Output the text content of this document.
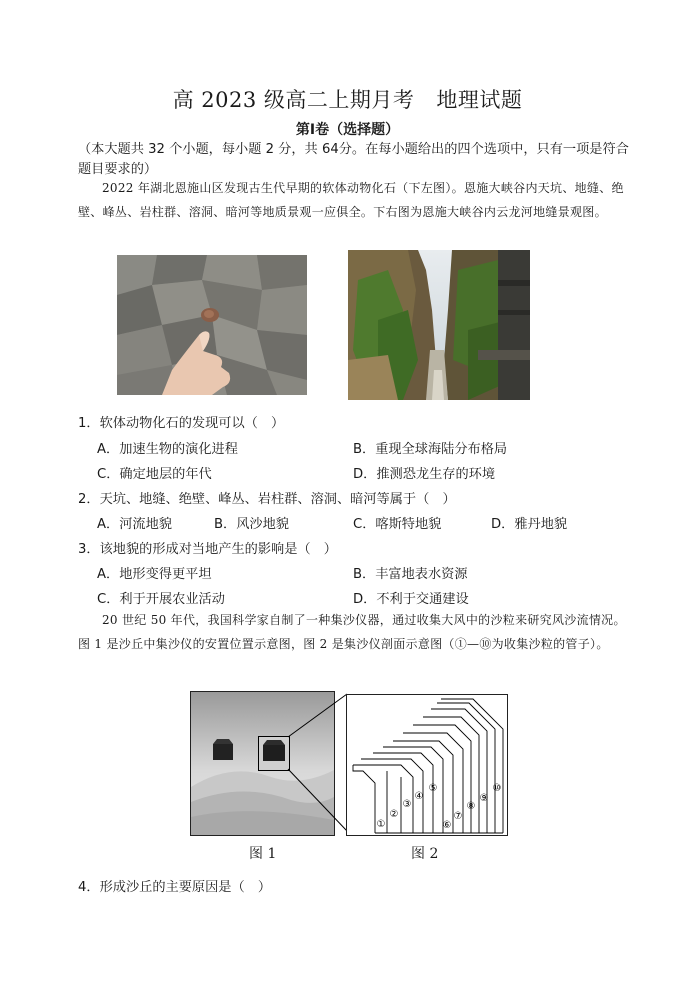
高 2023 级高二上期月考 地理试题
第Ⅰ卷（选择题）
（本大题共 32 个小题，每小题 2 分，共 64分。在每小题给出的四个选项中，只有一项是符合题目要求的）
2022 年湖北恩施山区发现古生代早期的软体动物化石（下左图）。恩施大峡谷内天坑、地缝、绝壁、峰丛、岩柱群、溶洞、暗河等地质景观一应俱全。下右图为恩施大峡谷内云龙河地缝景观图。
1．软体动物化石的发现可以（　）
A．加速生物的演化进程	B．重现全球海陆分布格局
C．确定地层的年代	D．推测恐龙生存的环境
2．天坑、地缝、绝壁、峰丛、岩柱群、溶洞、暗河等属于（　）
A．河流地貌	B．风沙地貌	C．喀斯特地貌	D．雅丹地貌
3．该地貌的形成对当地产生的影响是（　）
A．地形变得更平坦	B．丰富地表水资源
C．利于开展农业活动	D．不利于交通建设
20 世纪 50 年代，我国科学家自制了一种集沙仪器，通过收集大风中的沙粒来研究风沙流情况。图 1 是沙丘中集沙仪的安置位置示意图，图 2 是集沙仪剖面示意图（①—⑩为收集沙粒的管子）。
①
②
③
④
⑤
⑥
⑦
⑧
⑨
⑩
图 1	图 2
4．形成沙丘的主要原因是（　）
